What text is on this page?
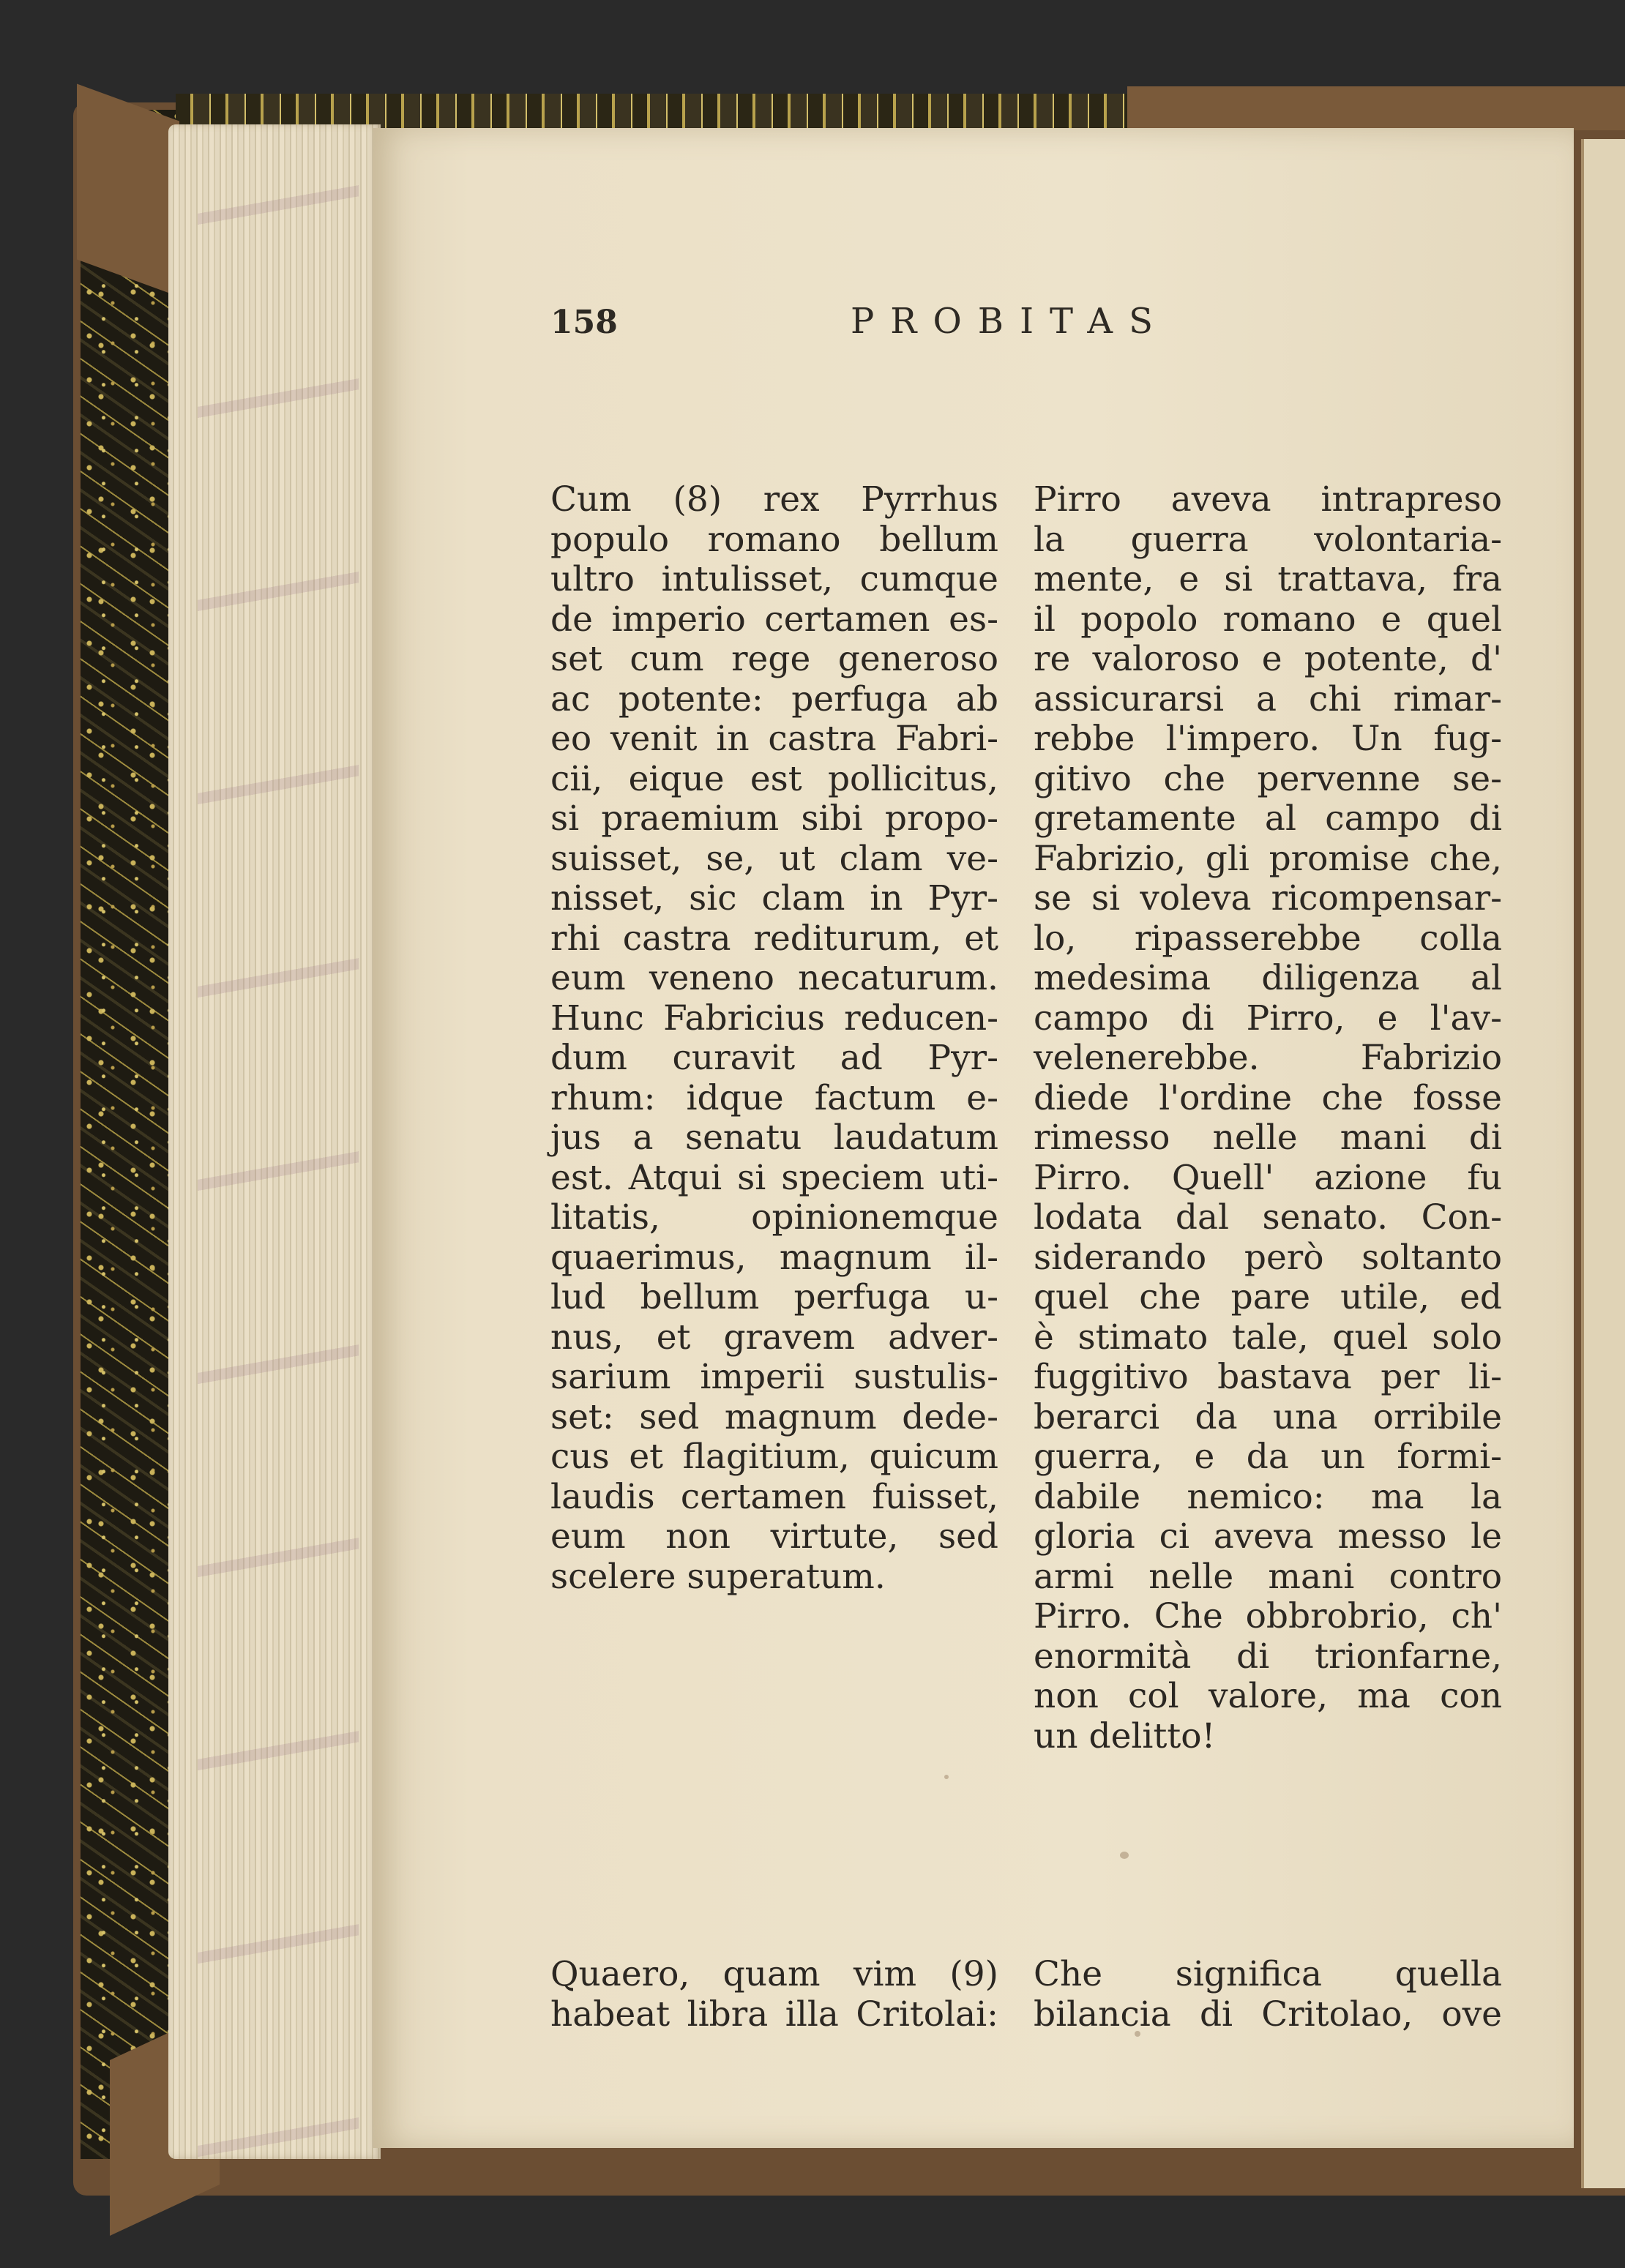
158	PROBITAS
Cum (8) rex Pyrrhus
populo romano bellum
ultro intulisset, cumque
de imperio certamen es-
set cum rege generoso
ac potente: perfuga ab
eo venit in castra Fabri-
cii, eique est pollicitus,
si praemium sibi propo-
suisset, se, ut clam ve-
nisset, sic clam in Pyr-
rhi castra rediturum, et
eum veneno necaturum.
Hunc Fabricius reducen-
dum curavit ad Pyr-
rhum: idque factum e-
jus a senatu laudatum
est. Atqui si speciem uti-
litatis, opinionemque
quaerimus, magnum il-
lud bellum perfuga u-
nus, et gravem adver-
sarium imperii sustulis-
set: sed magnum dede-
cus et flagitium, quicum
laudis certamen fuisset,
eum non virtute, sed
scelere superatum.
Pirro aveva intrapreso
la guerra volontaria-
mente, e si trattava, fra
il popolo romano e quel
re valoroso e potente, d'
assicurarsi a chi rimar-
rebbe l'impero. Un fug-
gitivo che pervenne se-
gretamente al campo di
Fabrizio, gli promise che,
se si voleva ricompensar-
lo, ripasserebbe colla
medesima diligenza al
campo di Pirro, e l'av-
velenerebbe. Fabrizio
diede l'ordine che fosse
rimesso nelle mani di
Pirro. Quell' azione fu
lodata dal senato. Con-
siderando però soltanto
quel che pare utile, ed
è stimato tale, quel solo
fuggitivo bastava per li-
berarci da una orribile
guerra, e da un formi-
dabile nemico: ma la
gloria ci aveva messo le
armi nelle mani contro
Pirro. Che obbrobrio, ch'
enormità di trionfarne,
non col valore, ma con
un delitto!
Quaero, quam vim (9)
habeat libra illa Critolai:
Che significa quella
bilancia di Critolao, ove
